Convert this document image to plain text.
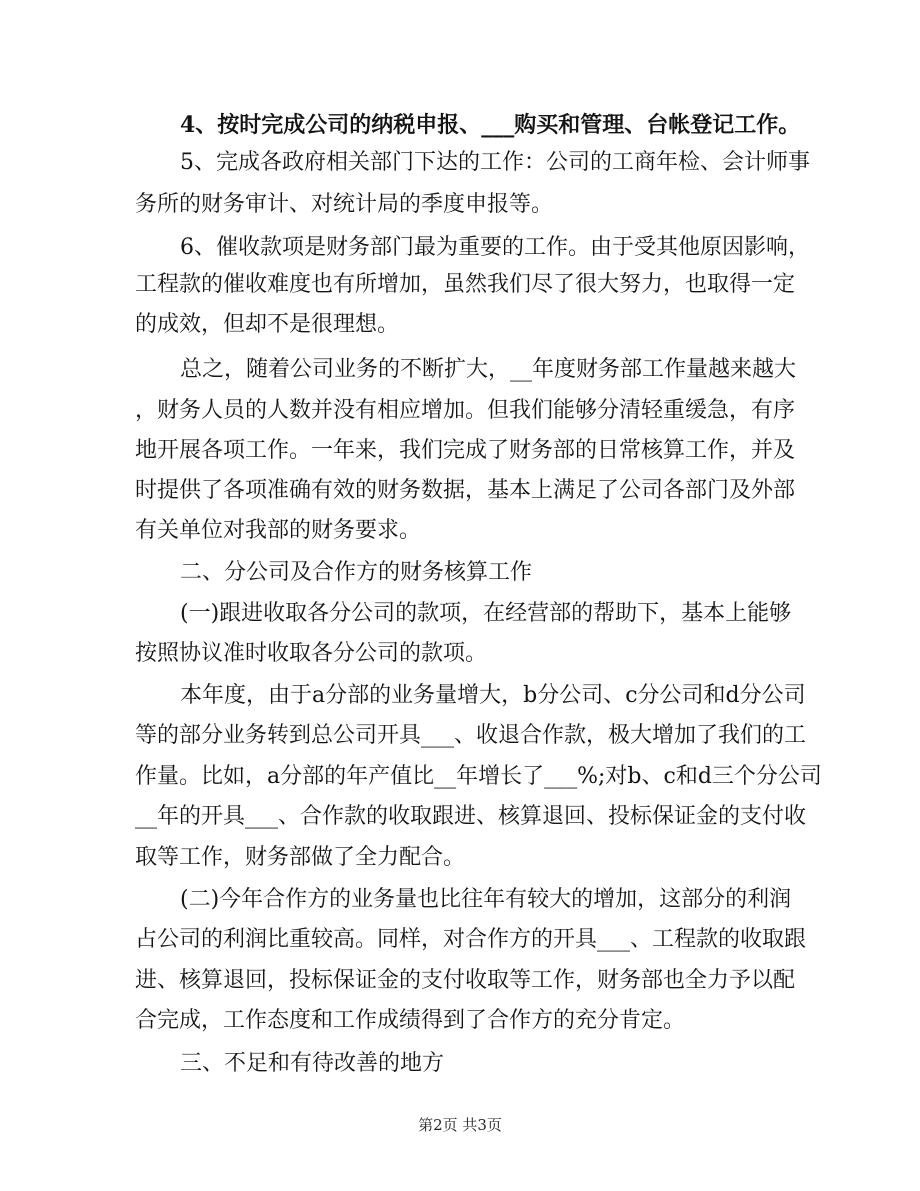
4、按时完成公司的纳税申报、___购买和管理、台帐登记工作。
5、完成各政府相关部门下达的工作：公司的工商年检、会计师事
务所的财务审计、对统计局的季度申报等。
6、催收款项是财务部门最为重要的工作。由于受其他原因影响，
工程款的催收难度也有所增加，虽然我们尽了很大努力，也取得一定
的成效，但却不是很理想。
总之，随着公司业务的不断扩大，__年度财务部工作量越来越大
，财务人员的人数并没有相应增加。但我们能够分清轻重缓急，有序
地开展各项工作。一年来，我们完成了财务部的日常核算工作，并及
时提供了各项准确有效的财务数据，基本上满足了公司各部门及外部
有关单位对我部的财务要求。
二、分公司及合作方的财务核算工作
(一)跟进收取各分公司的款项，在经营部的帮助下，基本上能够
按照协议准时收取各分公司的款项。
本年度，由于a分部的业务量增大，b分公司、c分公司和d分公司
等的部分业务转到总公司开具___、收退合作款，极大增加了我们的工
作量。比如，a分部的年产值比__年增长了___%;对b、c和d三个分公司
__年的开具___、合作款的收取跟进、核算退回、投标保证金的支付收
取等工作，财务部做了全力配合。
(二)今年合作方的业务量也比往年有较大的增加，这部分的利润
占公司的利润比重较高。同样，对合作方的开具___、工程款的收取跟
进、核算退回，投标保证金的支付收取等工作，财务部也全力予以配
合完成，工作态度和工作成绩得到了合作方的充分肯定。
三、不足和有待改善的地方
第2页 共3页
